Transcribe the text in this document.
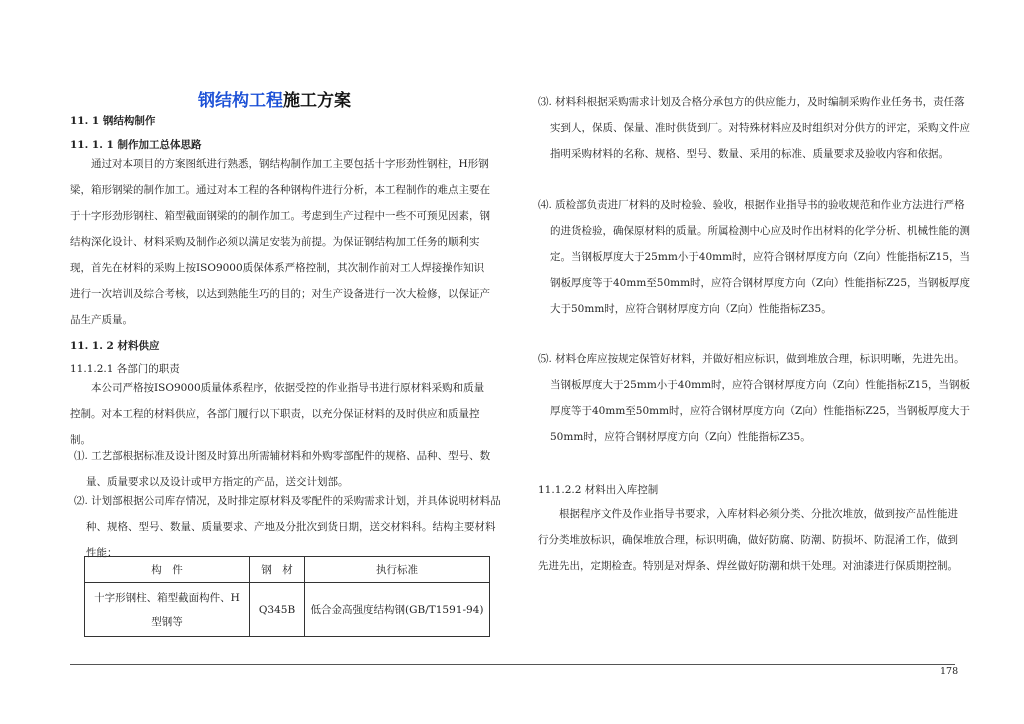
钢结构工程施工方案
11. 1 钢结构制作
11. 1. 1 制作加工总体思路

通过对本项目的方案图纸进行熟悉，钢结构制作加工主要包括十字形劲性钢柱，H形钢梁，箱形钢梁的制作加工。通过对本工程的各种钢构件进行分析，本工程制作的难点主要在于十字形劲形钢柱、箱型截面钢梁的的制作加工。考虑到生产过程中一些不可预见因素，钢结构深化设计、材料采购及制作必须以满足安装为前提。为保证钢结构加工任务的顺利实现，首先在材料的采购上按ISO9000质保体系严格控制，其次制作前对工人焊接操作知识进行一次培训及综合考核，以达到熟能生巧的目的；对生产设备进行一次大检修，以保证产品生产质量。

11. 1. 2 材料供应
11.1.2.1 各部门的职责

本公司严格按ISO9000质量体系程序，依据受控的作业指导书进行原材料采购和质量控制。对本工程的材料供应，各部门履行以下职责，以充分保证材料的及时供应和质量控制。

⑴. 工艺部根据标准及设计图及时算出所需辅材料和外购零部配件的规格、品种、型号、数量、质量要求以及设计或甲方指定的产品，送交计划部。

⑵. 计划部根据公司库存情况，及时排定原材料及零配件的采购需求计划，并具体说明材料品种、规格、型号、数量、质量要求、产地及分批次到货日期，送交材料科。结构主要材料性能：

构　件	钢　材	执行标准
十字形钢柱、箱型截面构件、H型钢等	Q345B	低合金高强度结构钢(GB/T1591-94)

⑶. 材料科根据采购需求计划及合格分承包方的供应能力，及时编制采购作业任务书，责任落实到人，保质、保量、准时供货到厂。对特殊材料应及时组织对分供方的评定，采购文件应指明采购材料的名称、规格、型号、数量、采用的标准、质量要求及验收内容和依据。

⑷. 质检部负责进厂材料的及时检验、验收，根据作业指导书的验收规范和作业方法进行严格的进货检验，确保原材料的质量。所属检测中心应及时作出材料的化学分析、机械性能的测定。当钢板厚度大于25mm小于40mm时，应符合钢材厚度方向（Z向）性能指标Z15，当钢板厚度等于40mm至50mm时，应符合钢材厚度方向（Z向）性能指标Z25，当钢板厚度大于50mm时，应符合钢材厚度方向（Z向）性能指标Z35。

⑸. 材料仓库应按规定保管好材料，并做好相应标识，做到堆放合理，标识明晰，先进先出。当钢板厚度大于25mm小于40mm时，应符合钢材厚度方向（Z向）性能指标Z15，当钢板厚度等于40mm至50mm时，应符合钢材厚度方向（Z向）性能指标Z25，当钢板厚度大于50mm时，应符合钢材厚度方向（Z向）性能指标Z35。

11.1.2.2 材料出入库控制

根据程序文件及作业指导书要求，入库材料必须分类、分批次堆放，做到按产品性能进行分类堆放标识，确保堆放合理，标识明确，做好防腐、防潮、防损坏、防混淆工作，做到先进先出，定期检查。特别是对焊条、焊丝做好防潮和烘干处理。对油漆进行保质期控制。

178
